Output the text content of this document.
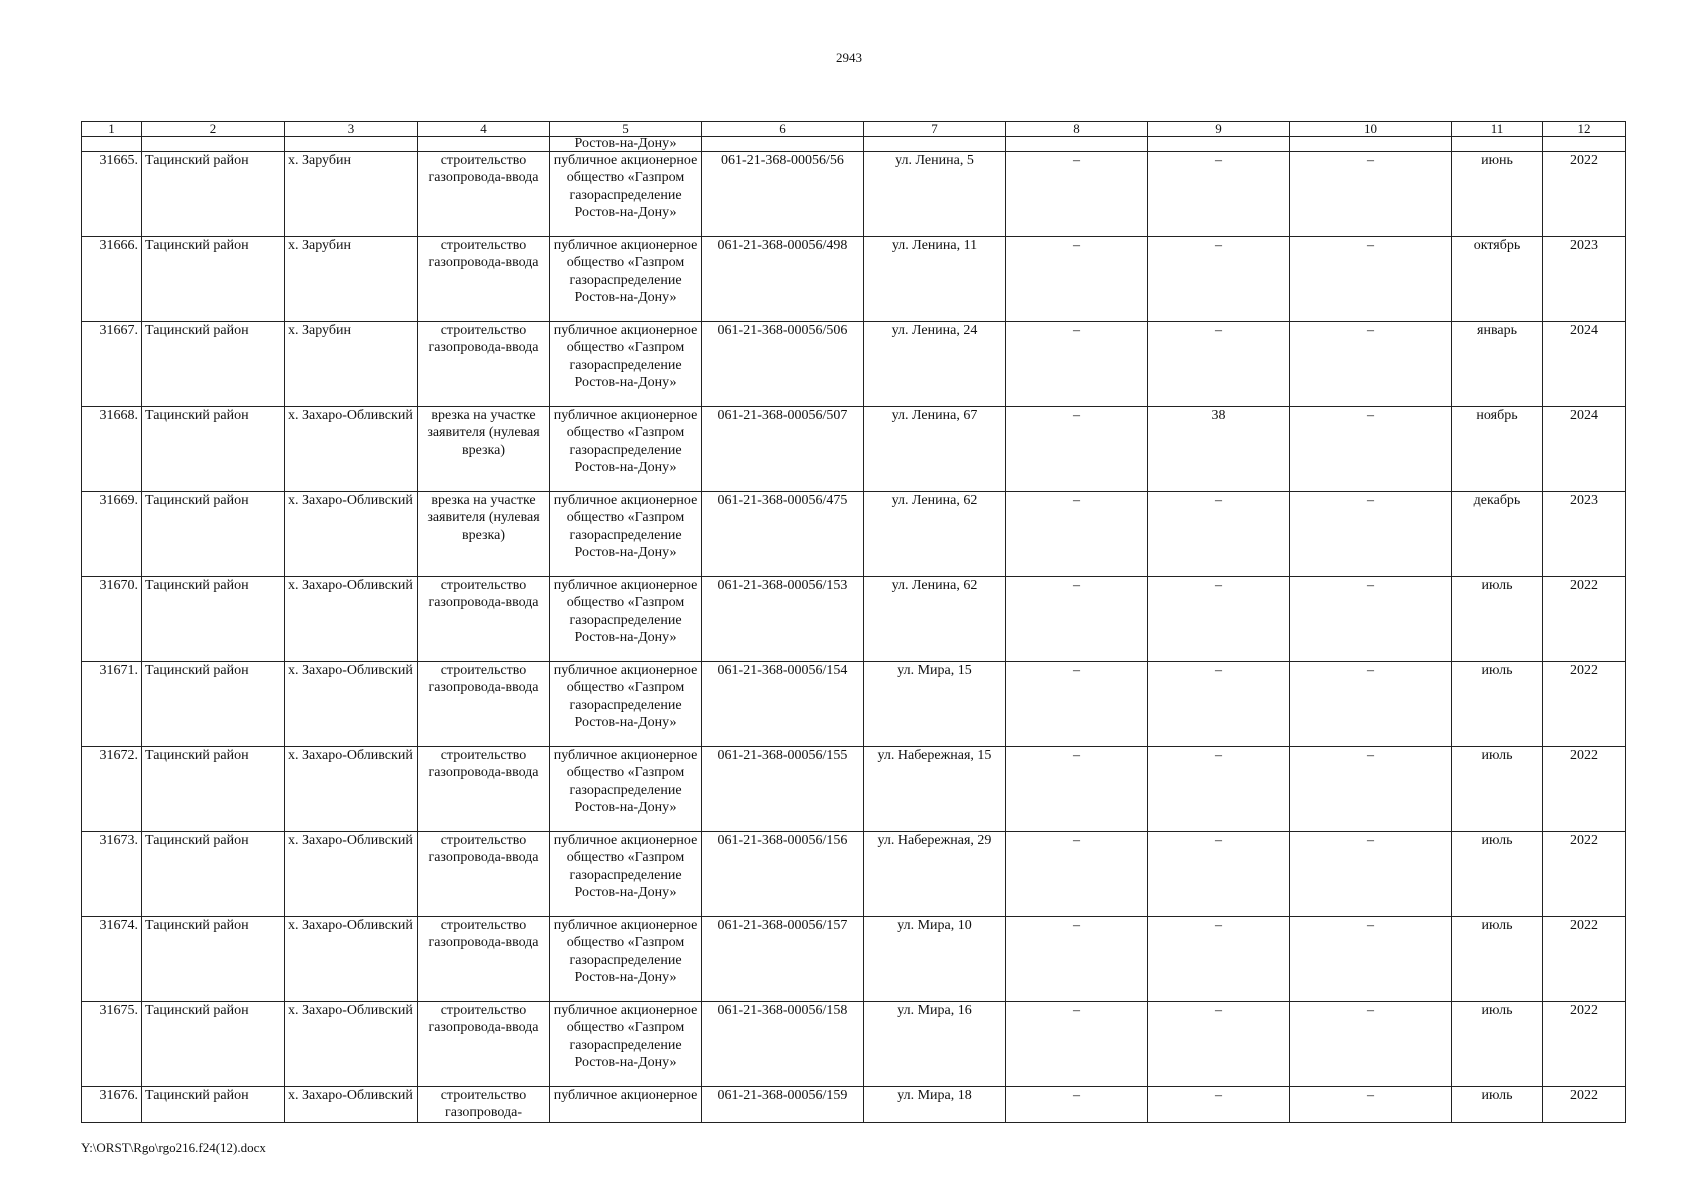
2943
1	2	3	4	5	6	7	8	9	10	11	12
				Ростов-на-Дону»							
31665.	Тацинский район	х. Зарубин	строительство газопровода-ввода	публичное акционерное общество «Газпром газораспределение Ростов-на-Дону»	061-21-368-00056/56	ул. Ленина, 5	–	–	–	июнь	2022
31666.	Тацинский район	х. Зарубин	строительство газопровода-ввода	публичное акционерное общество «Газпром газораспределение Ростов-на-Дону»	061-21-368-00056/498	ул. Ленина, 11	–	–	–	октябрь	2023
31667.	Тацинский район	х. Зарубин	строительство газопровода-ввода	публичное акционерное общество «Газпром газораспределение Ростов-на-Дону»	061-21-368-00056/506	ул. Ленина, 24	–	–	–	январь	2024
31668.	Тацинский район	х. Захаро-Обливский	врезка на участке заявителя (нулевая врезка)	публичное акционерное общество «Газпром газораспределение Ростов-на-Дону»	061-21-368-00056/507	ул. Ленина, 67	–	38	–	ноябрь	2024
31669.	Тацинский район	х. Захаро-Обливский	врезка на участке заявителя (нулевая врезка)	публичное акционерное общество «Газпром газораспределение Ростов-на-Дону»	061-21-368-00056/475	ул. Ленина, 62	–	–	–	декабрь	2023
31670.	Тацинский район	х. Захаро-Обливский	строительство газопровода-ввода	публичное акционерное общество «Газпром газораспределение Ростов-на-Дону»	061-21-368-00056/153	ул. Ленина, 62	–	–	–	июль	2022
31671.	Тацинский район	х. Захаро-Обливский	строительство газопровода-ввода	публичное акционерное общество «Газпром газораспределение Ростов-на-Дону»	061-21-368-00056/154	ул. Мира, 15	–	–	–	июль	2022
31672.	Тацинский район	х. Захаро-Обливский	строительство газопровода-ввода	публичное акционерное общество «Газпром газораспределение Ростов-на-Дону»	061-21-368-00056/155	ул. Набережная, 15	–	–	–	июль	2022
31673.	Тацинский район	х. Захаро-Обливский	строительство газопровода-ввода	публичное акционерное общество «Газпром газораспределение Ростов-на-Дону»	061-21-368-00056/156	ул. Набережная, 29	–	–	–	июль	2022
31674.	Тацинский район	х. Захаро-Обливский	строительство газопровода-ввода	публичное акционерное общество «Газпром газораспределение Ростов-на-Дону»	061-21-368-00056/157	ул. Мира, 10	–	–	–	июль	2022
31675.	Тацинский район	х. Захаро-Обливский	строительство газопровода-ввода	публичное акционерное общество «Газпром газораспределение Ростов-на-Дону»	061-21-368-00056/158	ул. Мира, 16	–	–	–	июль	2022
31676.	Тацинский район	х. Захаро-Обливский	строительство газопровода-	публичное акционерное	061-21-368-00056/159	ул. Мира, 18	–	–	–	июль	2022
Y:\ORST\Rgo\rgo216.f24(12).docx
